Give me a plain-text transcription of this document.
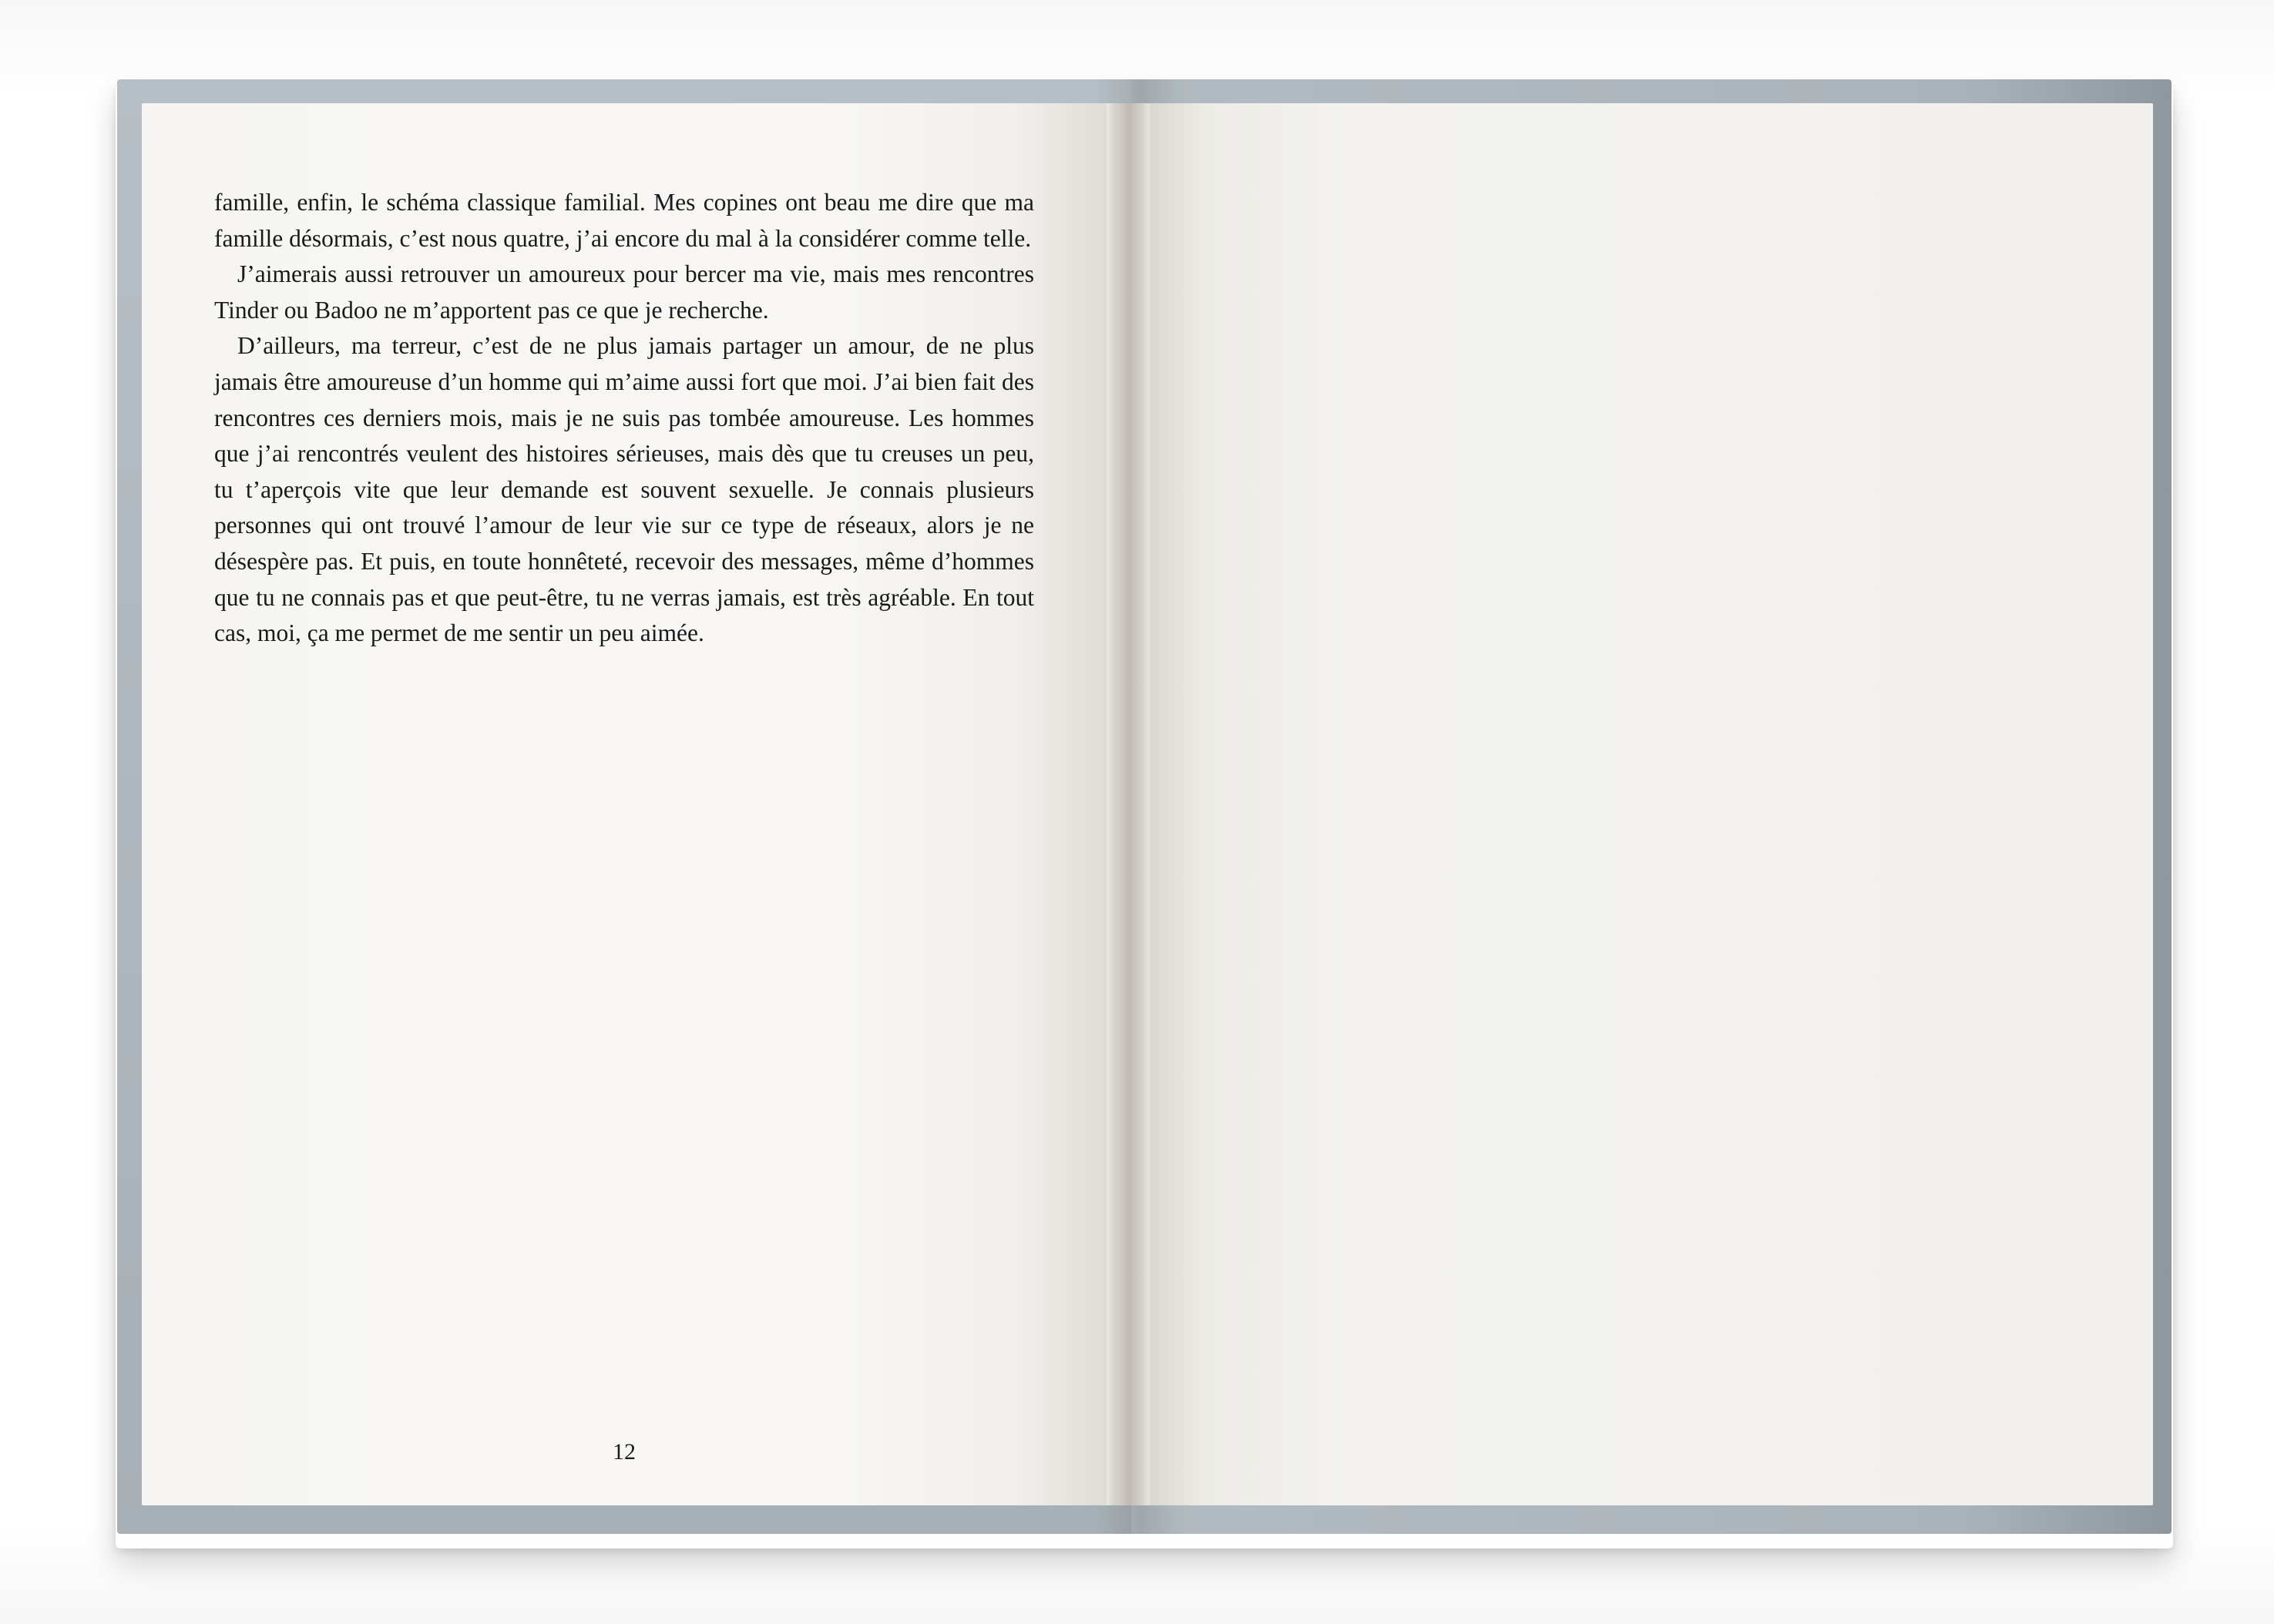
famille, enfin, le schéma classique familial. Mes copines ont beau me dire que ma famille désormais, c’est nous quatre, j’ai encore du mal à la considérer comme telle.

J’aimerais aussi retrouver un amoureux pour bercer ma vie, mais mes rencontres Tinder ou Badoo ne m’apportent pas ce que je recherche.

D’ailleurs, ma terreur, c’est de ne plus jamais partager un amour, de ne plus jamais être amoureuse d’un homme qui m’aime aussi fort que moi. J’ai bien fait des rencontres ces derniers mois, mais je ne suis pas tombée amoureuse. Les hommes que j’ai rencontrés veulent des histoires sérieuses, mais dès que tu creuses un peu, tu t’aperçois vite que leur demande est souvent sexuelle. Je connais plusieurs personnes qui ont trouvé l’amour de leur vie sur ce type de réseaux, alors je ne désespère pas. Et puis, en toute honnêteté, recevoir des messages, même d’hommes que tu ne connais pas et que peut-être, tu ne verras jamais, est très agréable. En tout cas, moi, ça me permet de me sentir un peu aimée.

12
